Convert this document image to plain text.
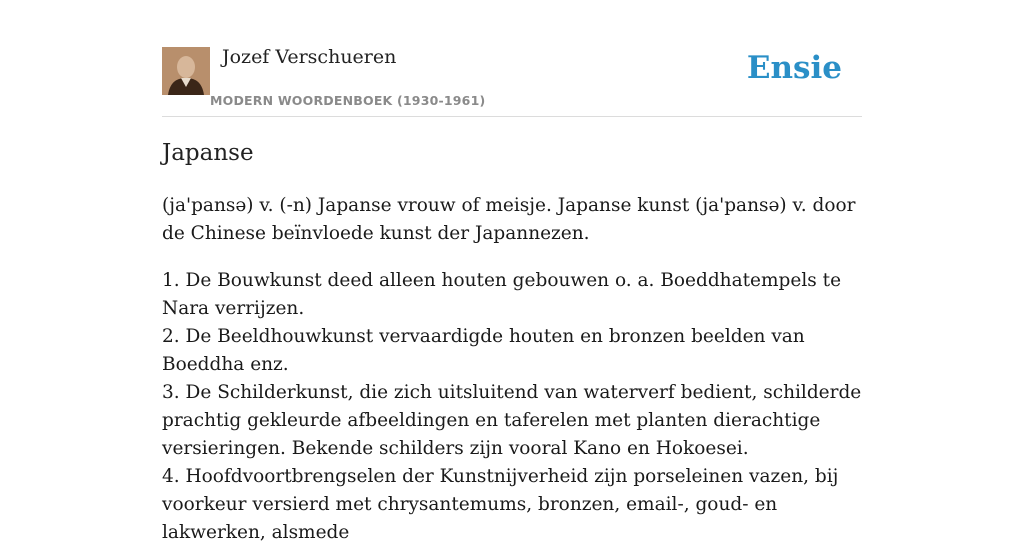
Jozef Verschueren
MODERN WOORDENBOEK (1930-1961)
Ensie
Japanse

(ja'pansə) v. (-n) Japanse vrouw of meisje. Japanse kunst (ja'pansə) v. door de Chinese beïnvloede kunst der Japannezen.

1. De Bouwkunst deed alleen houten gebouwen o. a. Boeddhatempels te Nara verrijzen.
2. De Beeldhouwkunst vervaardigde houten en bronzen beelden van Boeddha enz.
3. De Schilderkunst, die zich uitsluitend van waterverf bedient, schilderde prachtig gekleurde afbeeldingen en taferelen met planten dierachtige versieringen. Bekende schilders zijn vooral Kano en Hokoesei.
4. Hoofdvoortbrengselen der Kunstnijverheid zijn porseleinen vazen, bij voorkeur versierd met chrysantemums, bronzen, email-, goud- en lakwerken, alsmede
